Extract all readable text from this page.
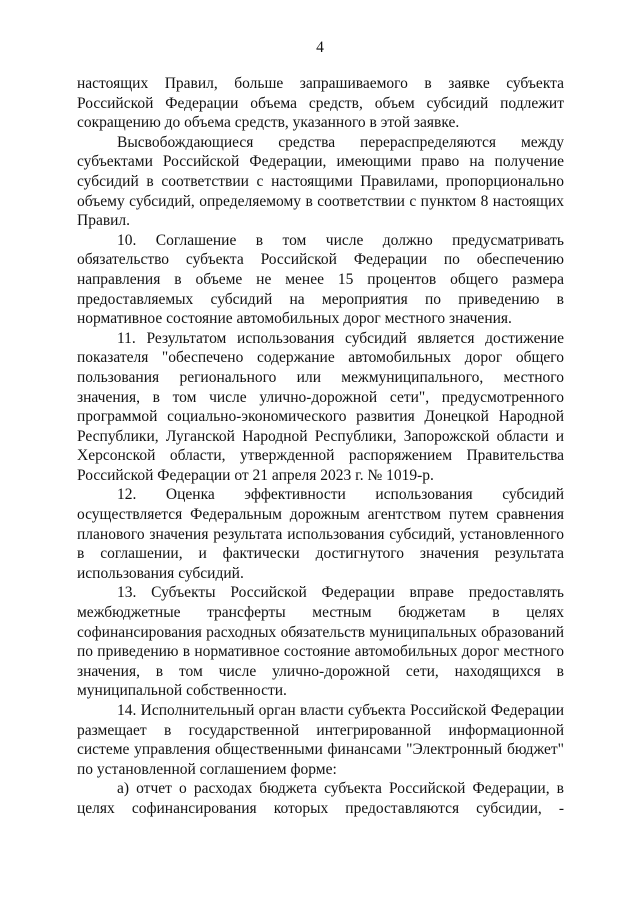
4

настоящих Правил, больше запрашиваемого в заявке субъекта Российской Федерации объема средств, объем субсидий подлежит сокращению до объема средств, указанного в этой заявке.

Высвобождающиеся средства перераспределяются между субъектами Российской Федерации, имеющими право на получение субсидий в соответствии с настоящими Правилами, пропорционально объему субсидий, определяемому в соответствии с пунктом 8 настоящих Правил.

10. Соглашение в том числе должно предусматривать обязательство субъекта Российской Федерации по обеспечению направления в объеме не менее 15 процентов общего размера предоставляемых субсидий на мероприятия по приведению в нормативное состояние автомобильных дорог местного значения.

11. Результатом использования субсидий является достижение показателя "обеспечено содержание автомобильных дорог общего пользования регионального или межмуниципального, местного значения, в том числе улично-дорожной сети", предусмотренного программой социально-экономического развития Донецкой Народной Республики, Луганской Народной Республики, Запорожской области и Херсонской области, утвержденной распоряжением Правительства Российской Федерации от 21 апреля 2023 г. № 1019-р.

12. Оценка эффективности использования субсидий осуществляется Федеральным дорожным агентством путем сравнения планового значения результата использования субсидий, установленного в соглашении, и фактически достигнутого значения результата использования субсидий.

13. Субъекты Российской Федерации вправе предоставлять межбюджетные трансферты местным бюджетам в целях софинансирования расходных обязательств муниципальных образований по приведению в нормативное состояние автомобильных дорог местного значения, в том числе улично-дорожной сети, находящихся в муниципальной собственности.

14. Исполнительный орган власти субъекта Российской Федерации размещает в государственной интегрированной информационной системе управления общественными финансами "Электронный бюджет" по установленной соглашением форме:

а) отчет о расходах бюджета субъекта Российской Федерации, в целях софинансирования которых предоставляются субсидии, -
